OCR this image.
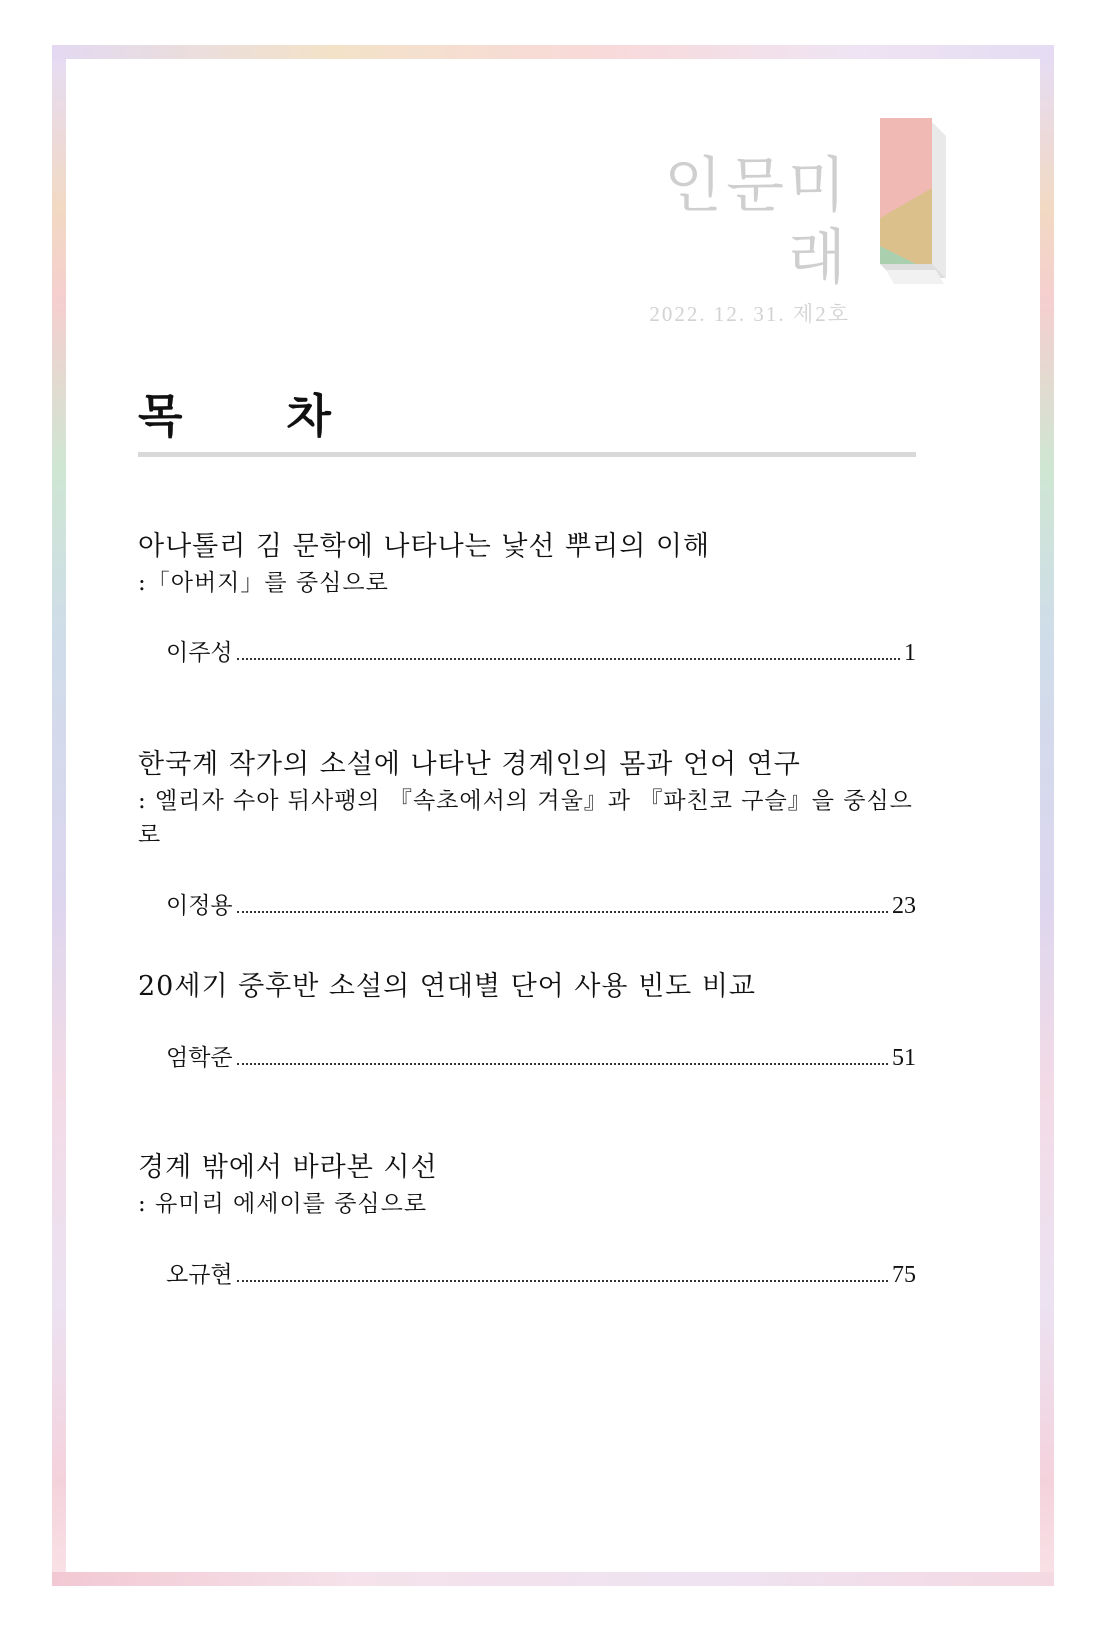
인문미래
2022. 12. 31. 제2호
목 차
아나톨리 김 문학에 나타나는 낯선 뿌리의 이해
:「아버지」를 중심으로
이주성	1
한국계 작가의 소설에 나타난 경계인의 몸과 언어 연구
: 엘리자 수아 뒤사팽의 『속초에서의 겨울』과 『파친코 구슬』을 중심으로
이정용	23
20세기 중후반 소설의 연대별 단어 사용 빈도 비교
엄학준	51
경계 밖에서 바라본 시선
: 유미리 에세이를 중심으로
오규현	75
